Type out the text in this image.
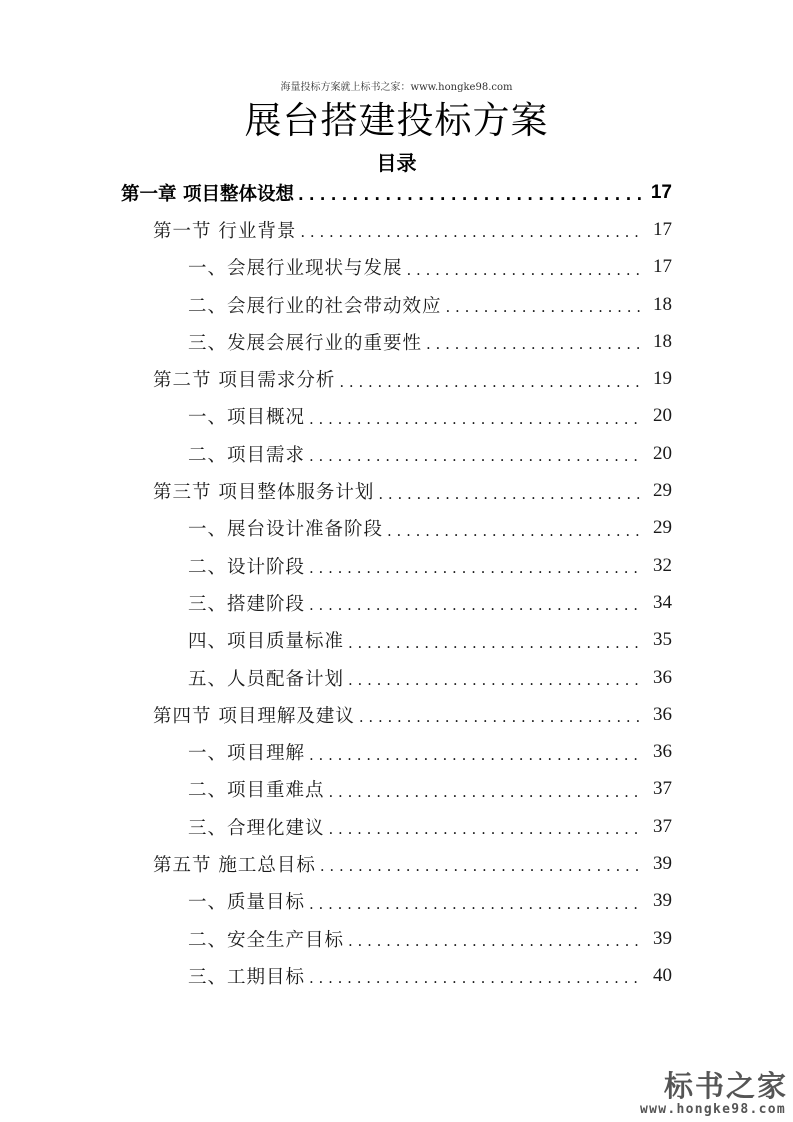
海量投标方案就上标书之家：www.hongke98.com
展台搭建投标方案
目录
第一章 项目整体设想 . . .	17
第一节 行业背景 . . .	17
一、会展行业现状与发展 . . .	17
二、会展行业的社会带动效应 . . .	18
三、发展会展行业的重要性 . . .	18
第二节 项目需求分析 . . .	19
一、项目概况 . . .	20
二、项目需求 . . .	20
第三节 项目整体服务计划 . . .	29
一、展台设计准备阶段 . . .	29
二、设计阶段 . . .	32
三、搭建阶段 . . .	34
四、项目质量标准 . . .	35
五、人员配备计划 . . .	36
第四节 项目理解及建议 . . .	36
一、项目理解 . . .	36
二、项目重难点 . . .	37
三、合理化建议 . . .	37
第五节 施工总目标 . . .	39
一、质量目标 . . .	39
二、安全生产目标 . . .	39
三、工期目标 . . .	40
标书之家
www.hongke98.com
